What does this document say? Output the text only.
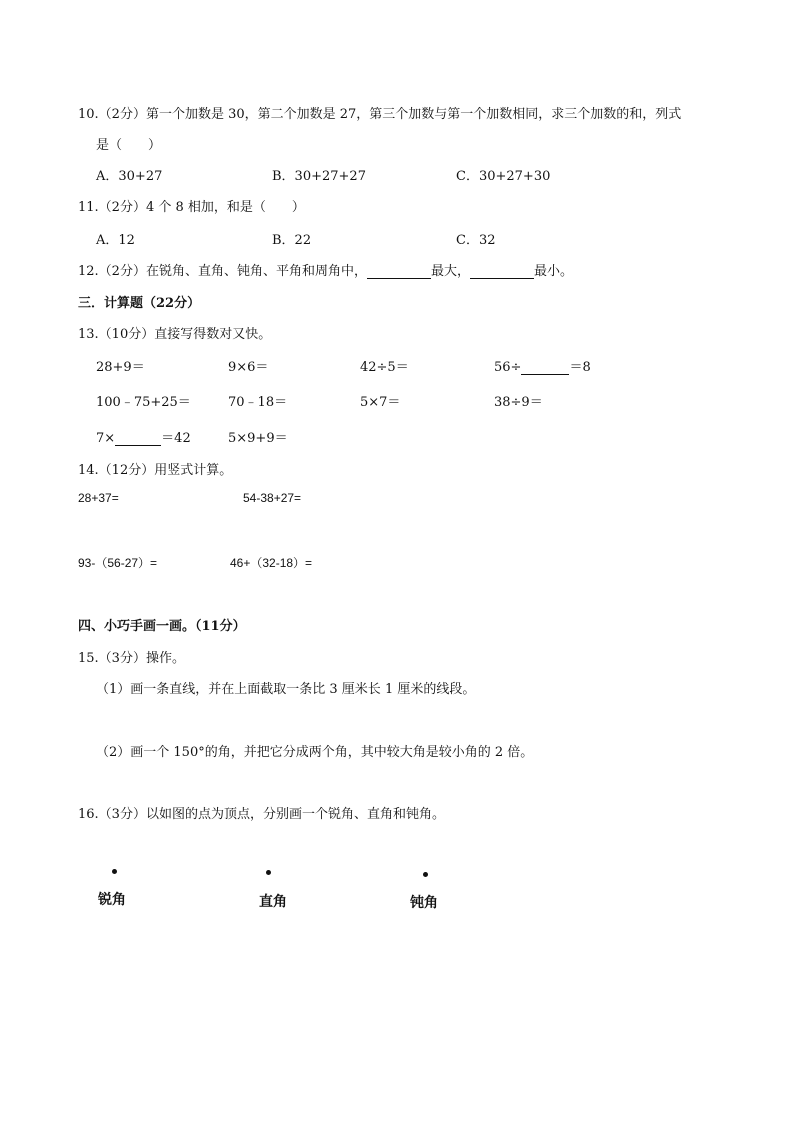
10.（2分）第一个加数是 30，第二个加数是 27，第三个加数与第一个加数相同，求三个加数的和，列式
是（　　）
A．30+27	B．30+27+27	C．30+27+30
11.（2分）4 个 8 相加，和是（　　）
A．12	B．22	C．32
12.（2分）在锐角、直角、钝角、平角和周角中，	最大，	最小。
三．计算题（22分）
13.（10分）直接写得数对又快。
28+9＝	9×6＝	42÷5＝	56÷	＝8
100﹣75+25＝	70﹣18＝	5×7＝	38÷9＝
7×	＝42	5×9+9＝
14.（12分）用竖式计算。
28+37=	54-38+27=
93-（56-27）=	46+（32-18）=
四、小巧手画一画。（11分）
15.（3分）操作。
（1）画一条直线，并在上面截取一条比 3 厘米长 1 厘米的线段。
（2）画一个 150°的角，并把它分成两个角，其中较大角是较小角的 2 倍。
16.（3分）以如图的点为顶点，分别画一个锐角、直角和钝角。
锐角	直角	钝角
